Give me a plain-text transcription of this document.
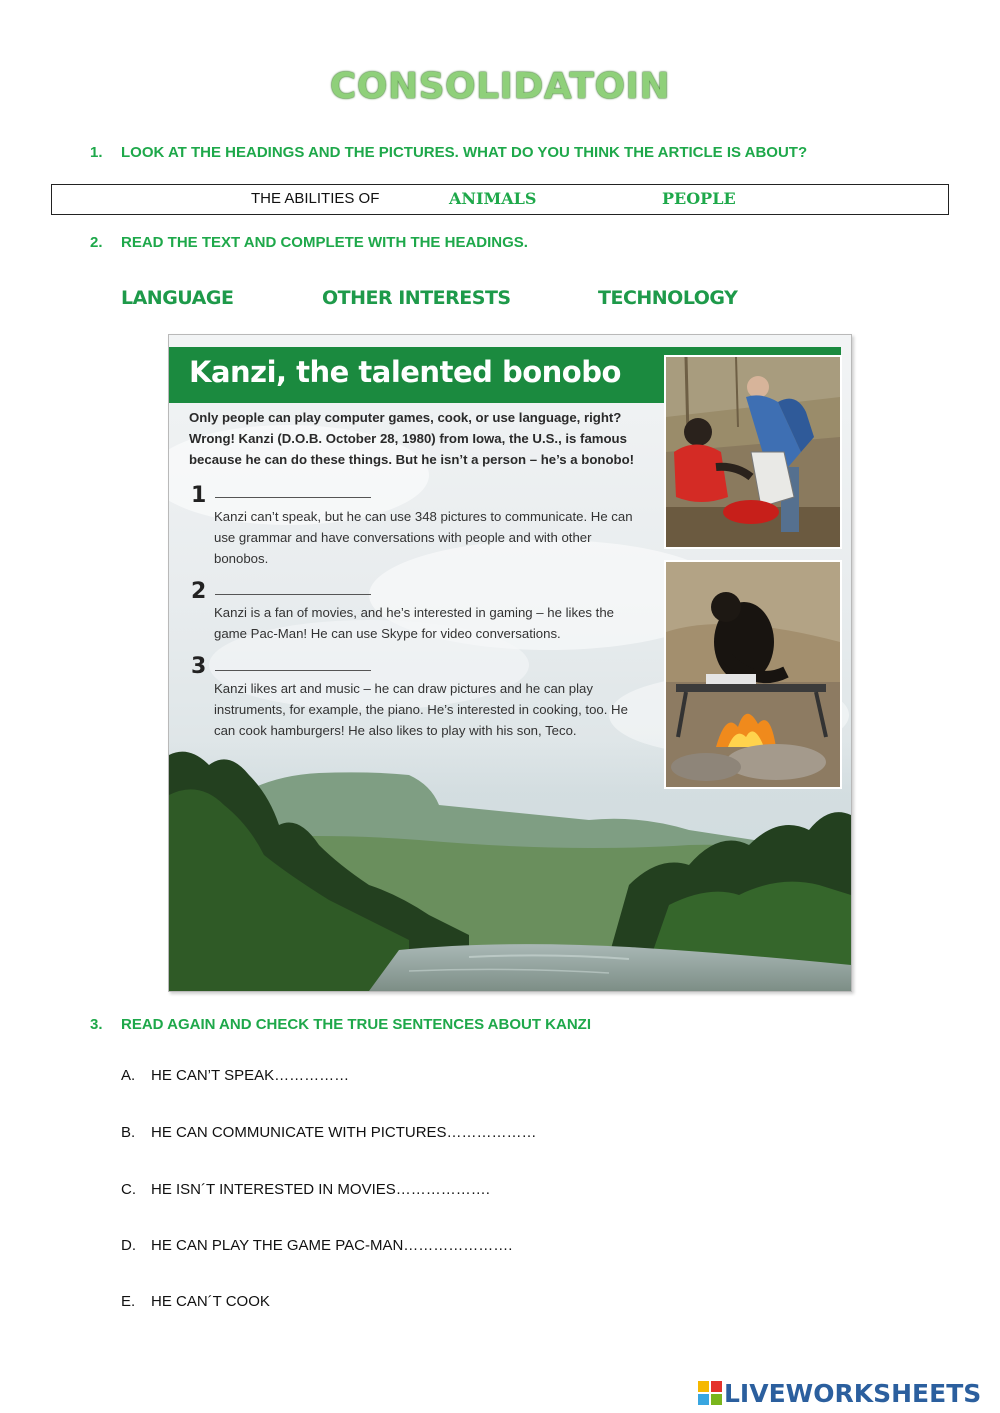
CONSOLIDATOIN
1. LOOK AT THE HEADINGS AND THE PICTURES. WHAT DO YOU THINK THE ARTICLE IS ABOUT?
THE ABILITIES OF	ANIMALS	PEOPLE
2. READ THE TEXT AND COMPLETE WITH THE HEADINGS.
LANGUAGE	OTHER INTERESTS	TECHNOLOGY
Kanzi, the talented bonobo
Only people can play computer games, cook, or use language, right? Wrong! Kanzi (D.O.B. October 28, 1980) from Iowa, the U.S., is famous because he can do these things. But he isn’t a person – he’s a bonobo!
1
Kanzi can’t speak, but he can use 348 pictures to communicate. He can use grammar and have conversations with people and with other bonobos.
2
Kanzi is a fan of movies, and he’s interested in gaming – he likes the game Pac-Man! He can use Skype for video conversations.
3
Kanzi likes art and music – he can draw pictures and he can play instruments, for example, the piano. He’s interested in cooking, too. He can cook hamburgers! He also likes to play with his son, Teco.
3. READ AGAIN AND CHECK THE TRUE SENTENCES ABOUT KANZI
A. HE CAN’T SPEAK……………
B. HE CAN COMMUNICATE WITH PICTURES………………
C. HE ISN´T INTERESTED IN MOVIES……………….
D. HE CAN PLAY THE GAME PAC-MAN………………….
E. HE CAN´T COOK
LIVEWORKSHEETS
